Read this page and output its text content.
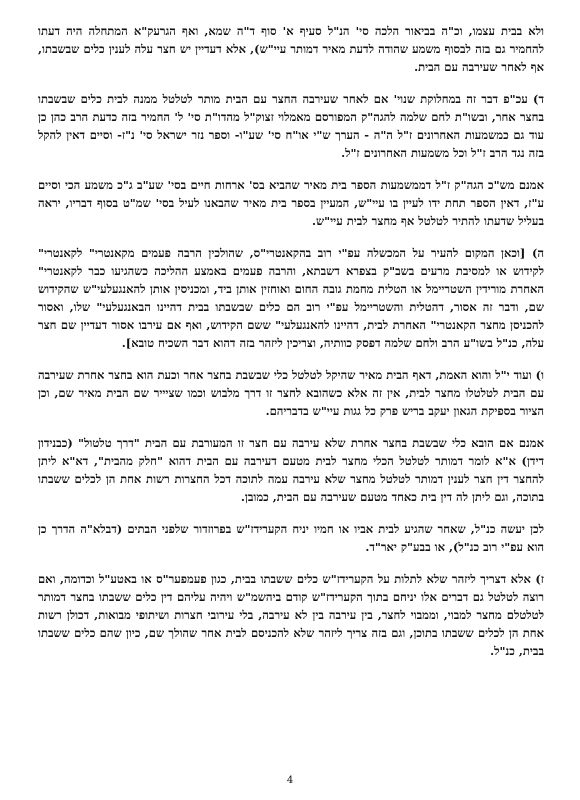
ולא בבית עצמו, וכ"ה בביאור הלכה סי' הנ"ל סעיף א' סוף ד"ה שמא, ואף הגרעק"א המתחלה היה דעתו להחמיר גם בזה לבסוף משמע שהודה לדעת מאיר דמותר עיי"ש), אלא דעדיין יש חצר עלה לענין כלים שבשבתו, אף לאחר שעירבה עם הבית.

ד) עכ"פ דבר זה במחלוקת שנוי' אם לאחר שעירבה החצר עם הבית מותר לטלטל ממנה לבית כלים שבשבתו בחצר אחר, ובשו"ת לחם שלמה להגה"ק המפורסם מאמלוי זצוק"ל מהדו"ת סי' ל' החמיר בזה כדעת הרב כהן כן עוד גם כמשמעות האחרונים ז"ל ה"ה - הערך ש"י או"ח סי' שע"ו- וספר נזר ישראל סי' נ"ז- וסיים דאין להקל בזה נגד הרב ז"ל וכל משמעות האחרונים ז"ל.

אמנם מש"כ הגה"ק ז"ל דממשמעות הספר בית מאיר שהביא בס' ארחות חיים בסי' שע"ב ג"כ משמע הכי וסיים ע"ז, דאין הספר תחת ידו לעיין בו עיי"ש, המעיין בספר בית מאיר שהבאנו לעיל בסי' שמ"ט בסוף דבריו, יראה בעליל שדעתו להתיר לטלטל אף מחצר לבית עיי"ש.

ה) [וכאן המקום להעיר על המכשלה עפ"י רוב בהקאנטרי"ס, שהולכין הרבה פעמים מקאנטרי" לקאנטרי" לקידוש או למסיבת מרעים בשב"ק בצפרא דשבתא, והרבה פעמים באמצע ההליכה כשהגיעו כבר לקאנטרי" האחרת מורידין השטריימל או הטלית מחמת גובה החום ואוחזין אותן ביד, ומכניסין אותן להאנגעלעי"ש שהקידוש שם, ודבר זה אסור, דהטלית והשטריימל עפ"י רוב הם כלים שבשבתו בבית דהיינו הבאנגעלעי" שלו, ואסור להכניסן מחצר הקאנטרי" האחרת לבית, דהיינו להאנגעלעי" ששם הקידוש, ואף אם עירבו אסור דעדיין שם חצר עלה, כנ"ל בשו"ע הרב ולחם שלמה דפסק כוותיה, וצריכין ליזהר בזה דהוא דבר השכיח טובא].

ו) ועוד י"ל והוא האמת, דאף הבית מאיר שהיקל לטלטל כלי שבשבת בחצר אחר וכעת הוא בחצר אחרת שעירבה עם הבית לטלטלו מחצר לבית, אין זה אלא כשהובא לחצר זו דרך מלבוש וכמו שציייר שם הבית מאיר שם, וכן הציור בספיקת הגאון יעקב בריש פרק כל גגות עיי"ש בדבריהם.

אמנם אם הובא כלי שבשבת בחצר אחרת שלא עירבה עם חצר זו המעורבת עם הבית "דרך טלטול" (כבנידון דידן) א"א לומר דמותר לטלטל הכלי מחצר לבית מטעם דעירבה עם הבית דהוא "חלק מהבית", דא"א ליתן להחצר דין חצר לענין דמותר לטלטל מחצר שלא עירבה עמה לתוכה דכל החצרות רשות אחת הן לכלים ששבתו בתוכה, וגם ליתן לה דין בית כאחד מטעם שעירבה עם הבית, כמובן.

לכן יעשה כנ"ל, שאחר שהגיע לבית אביו או חמיו יניח הקערידז"ש בפרוזדור שלפני הבתים (דבלא"ה הדרך כן הוא עפ"י רוב כנ"ל), או בבע"ק יאר"ד.

ז) אלא דצריך ליזהר שלא לתלות על הקערידז"ש כלים ששבתו בבית, כגון פעמפער"ס או באטע"ל וכדומה, ואם רוצה לטלטל גם דברים אלו יניחם בתוך הקערידז"ש קודם ביהשמ"ש ויהיה עליהם דין כלים ששבתו בחצר דמותר לטלטלם מחצר למבוי, וממבוי לחצר, בין עירבה בין לא עירבה, בלי עירובי חצרות ושיתופי מבואות, דכולן רשות אחת הן לכלים ששבתו בתוכן, וגם בזה צריך ליזהר שלא להכניסם לבית אחר שהולך שם, כיון שהם כלים ששבתו בבית, כנ"ל.

4
